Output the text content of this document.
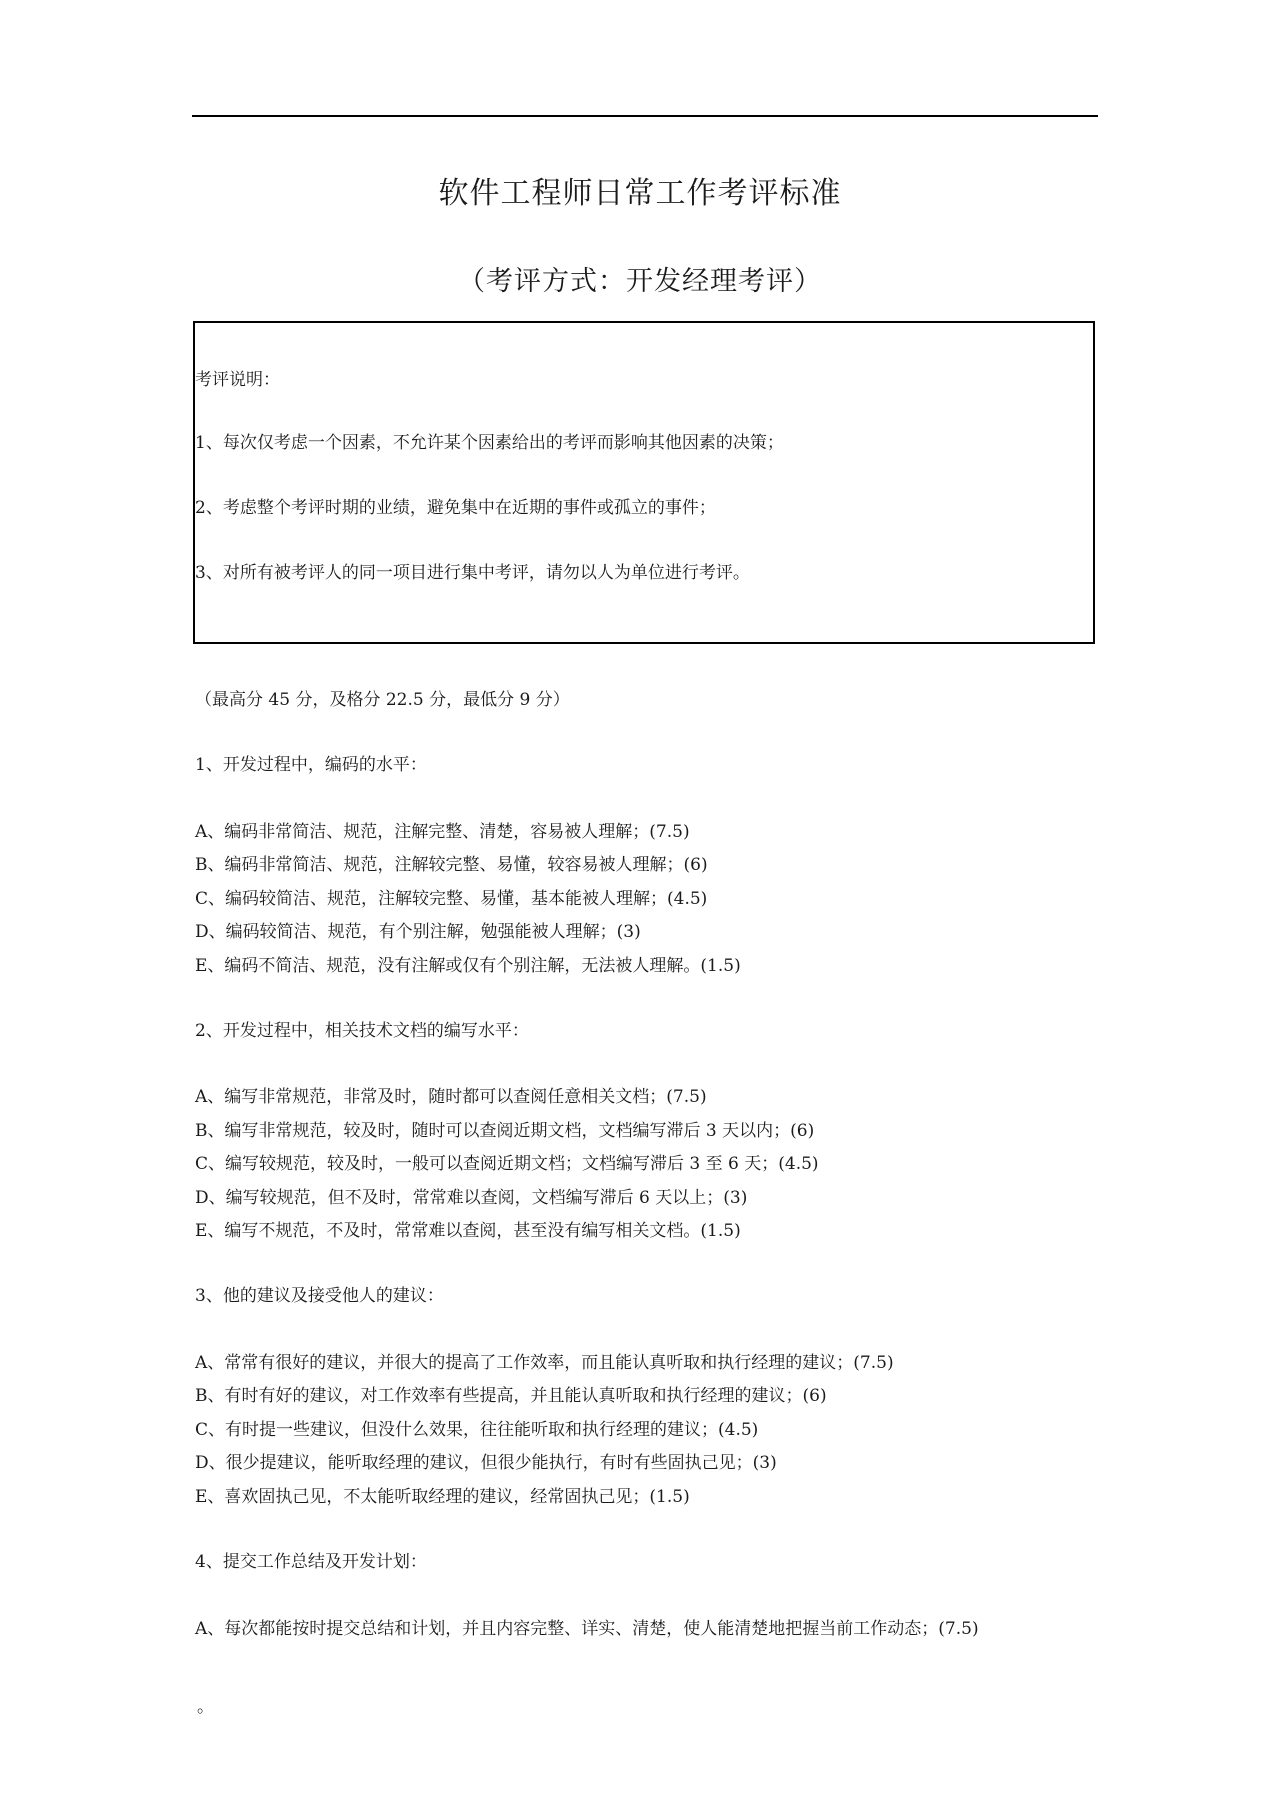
软件工程师日常工作考评标准
（考评方式：开发经理考评）
考评说明：
1、每次仅考虑一个因素，不允许某个因素给出的考评而影响其他因素的决策；
2、考虑整个考评时期的业绩，避免集中在近期的事件或孤立的事件；
3、对所有被考评人的同一项目进行集中考评，请勿以人为单位进行考评。
（最高分 45 分，及格分 22.5 分，最低分 9 分）
1、开发过程中，编码的水平：
A、编码非常简洁、规范，注解完整、清楚，容易被人理解；(7.5)
B、编码非常简洁、规范，注解较完整、易懂，较容易被人理解；(6)
C、编码较简洁、规范，注解较完整、易懂，基本能被人理解；(4.5)
D、编码较简洁、规范，有个别注解，勉强能被人理解；(3)
E、编码不简洁、规范，没有注解或仅有个别注解，无法被人理解。(1.5)
2、开发过程中，相关技术文档的编写水平：
A、编写非常规范，非常及时，随时都可以查阅任意相关文档；(7.5)
B、编写非常规范，较及时，随时可以查阅近期文档，文档编写滞后 3 天以内；(6)
C、编写较规范，较及时，一般可以查阅近期文档；文档编写滞后 3 至 6 天；(4.5)
D、编写较规范，但不及时，常常难以查阅，文档编写滞后 6 天以上；(3)
E、编写不规范，不及时，常常难以查阅，甚至没有编写相关文档。(1.5)
3、他的建议及接受他人的建议：
A、常常有很好的建议，并很大的提高了工作效率，而且能认真听取和执行经理的建议；(7.5)
B、有时有好的建议，对工作效率有些提高，并且能认真听取和执行经理的建议；(6)
C、有时提一些建议，但没什么效果，往往能听取和执行经理的建议；(4.5)
D、很少提建议，能听取经理的建议，但很少能执行，有时有些固执己见；(3)
E、喜欢固执己见，不太能听取经理的建议，经常固执己见；(1.5)
4、提交工作总结及开发计划：
A、每次都能按时提交总结和计划，并且内容完整、详实、清楚，使人能清楚地把握当前工作动态；(7.5)
。
